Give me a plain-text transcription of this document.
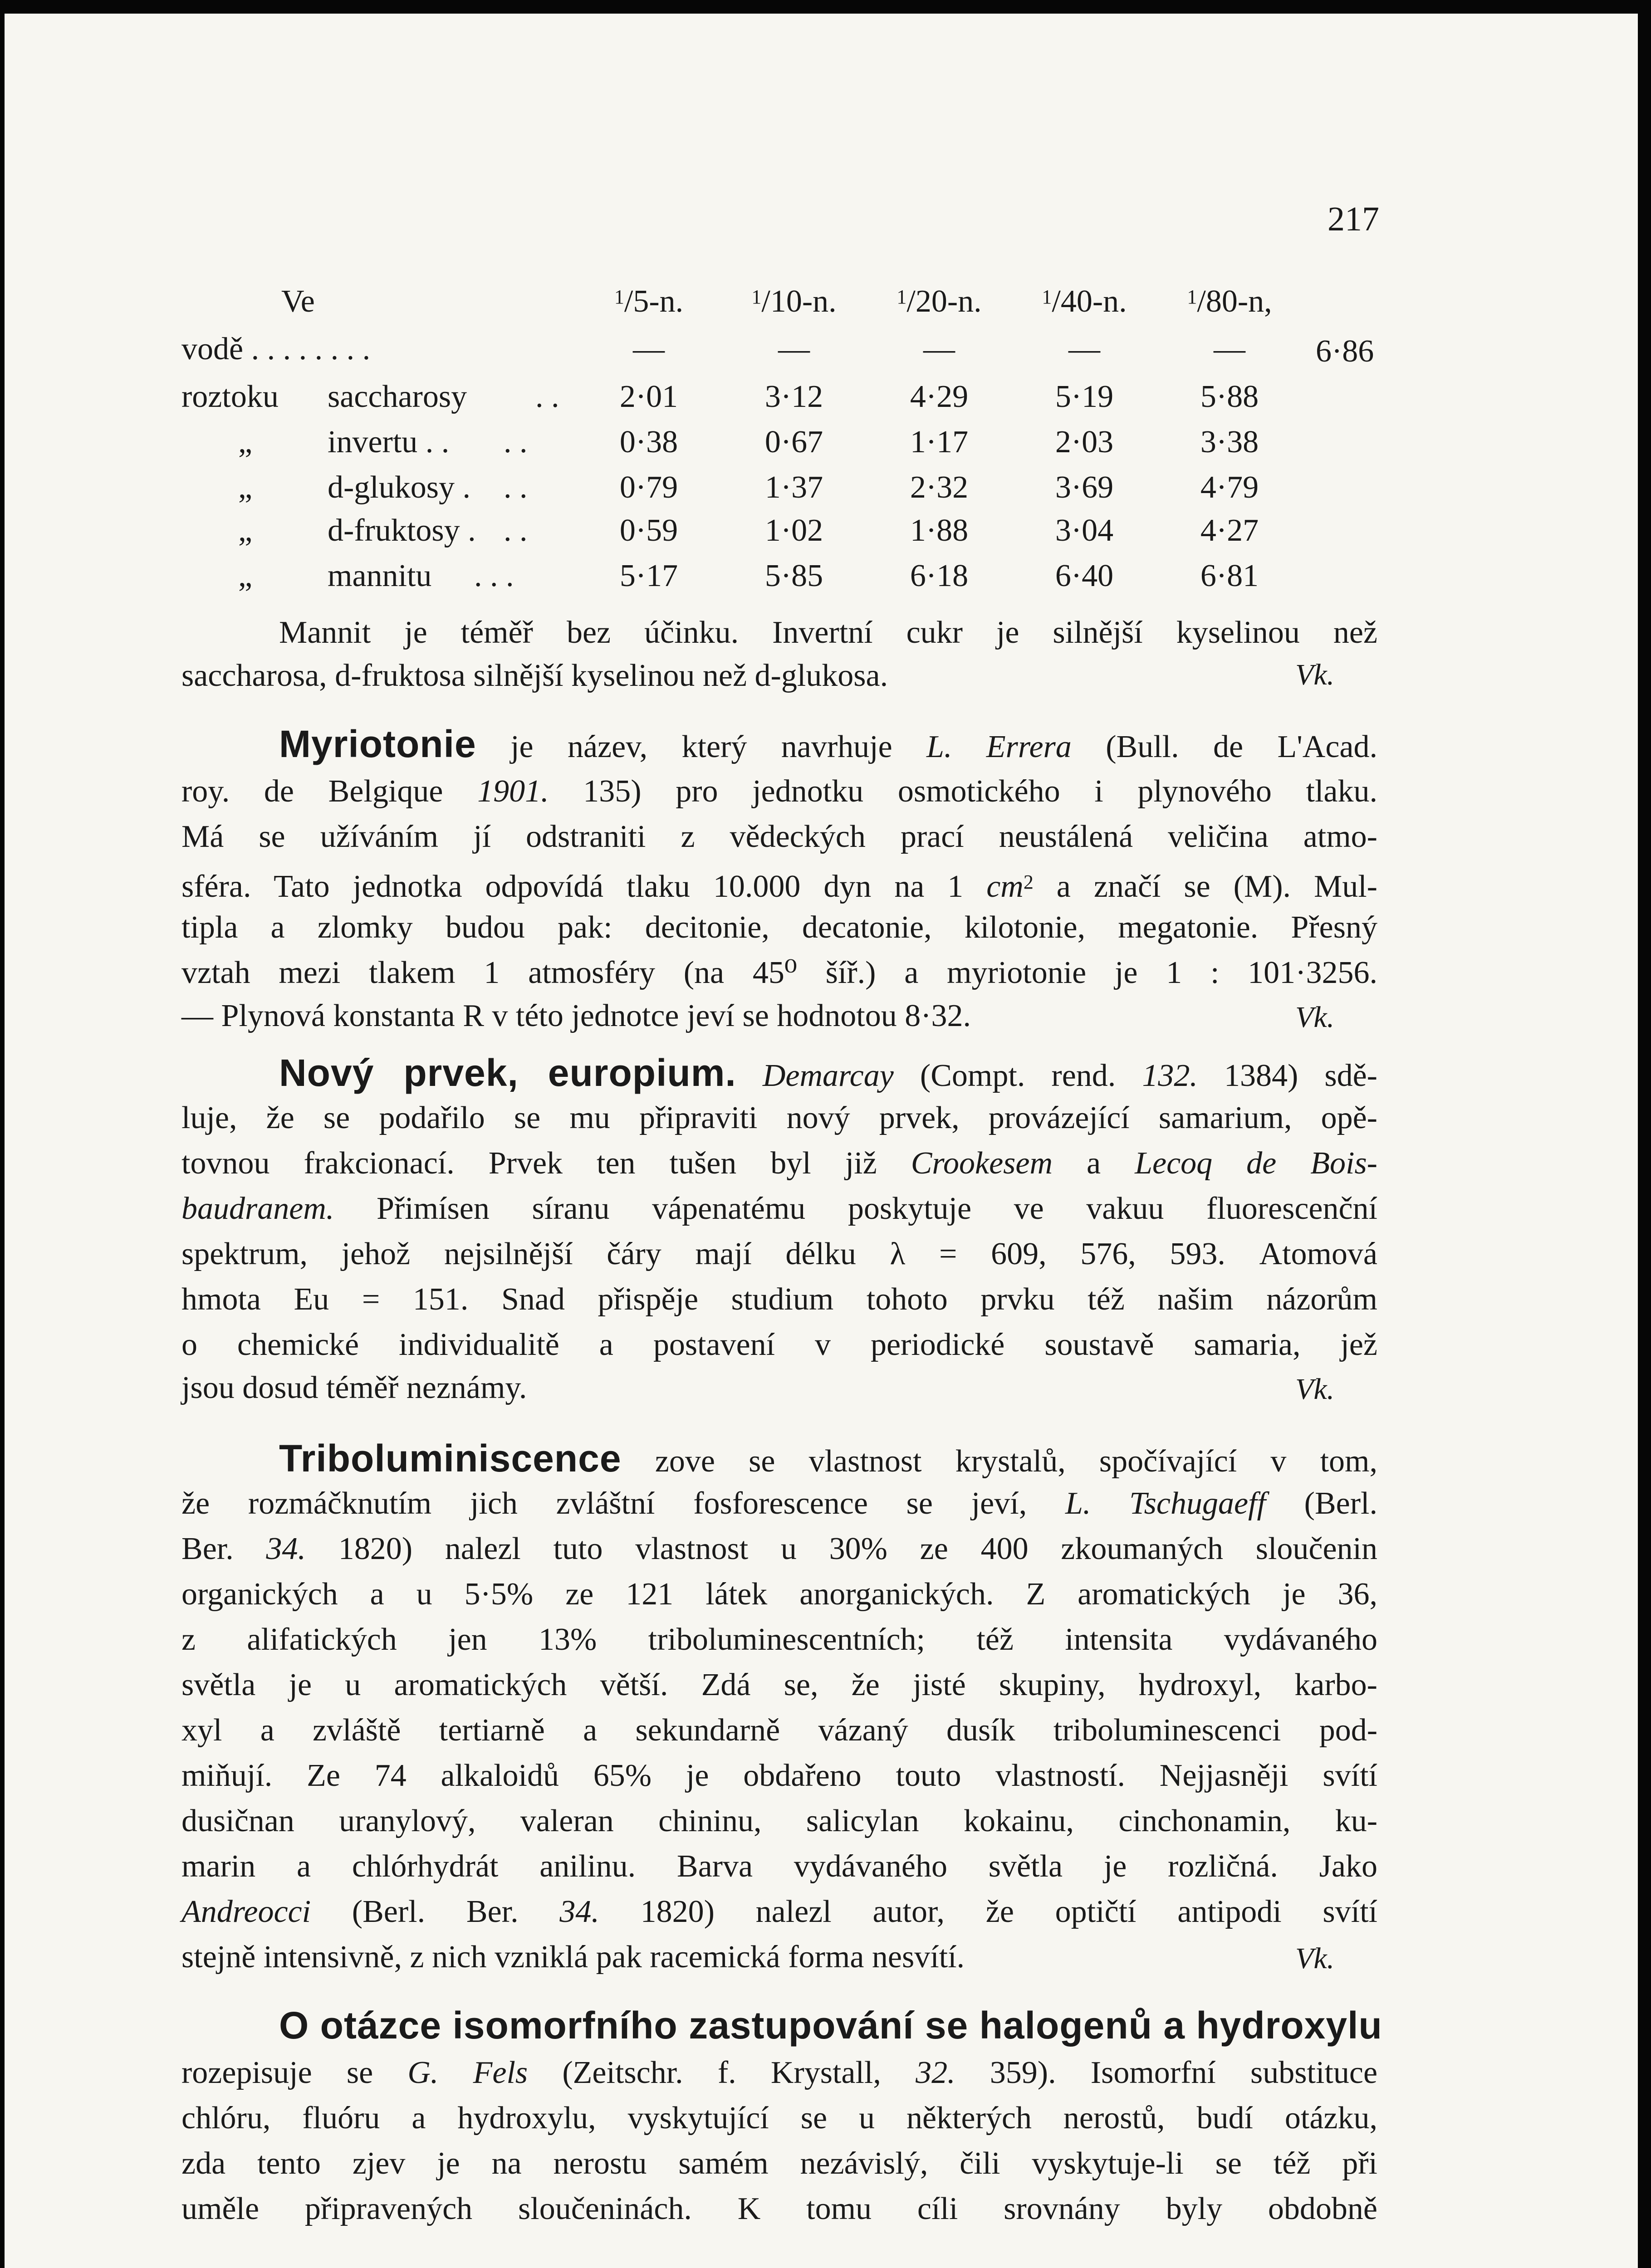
217
Ve	$^1$/5-n.	$^1$/10-n.	$^1$/20-n.	$^1$/40-n.	$^1$/80-n,
vodě . . . . . . . .	—	—	—	—	—	6·86
roztoku saccharosy . .	2·01	3·12	4·29	5·19	5·88
„ invertu . . . .	0·38	0·67	1·17	2·03	3·38
„ d-glukosy . . .	0·79	1·37	2·32	3·69	4·79
„ d-fruktosy . . .	0·59	1·02	1·88	3·04	4·27
„ mannitu . . .	5·17	5·85	6·18	6·40	6·81
Mannit je téměř bez účinku. Invertní cukr je silnější kyselinou než
saccharosa, d-fruktosa silnější kyselinou než d-glukosa.	Vk.
Myriotonie je název, který navrhuje L. Errera (Bull. de L'Acad.
roy. de Belgique 1901. 135) pro jednotku osmotického i plynového tlaku.
Má se užíváním jí odstraniti z vědeckých prací neustálená veličina atmo-
sféra. Tato jednotka odpovídá tlaku 10.000 dyn na 1 $cm^2$ a značí se (M). Mul-
tipla a zlomky budou pak: decitonie, decatonie, kilotonie, megatonie. Přesný
vztah mezi tlakem 1 atmosféry (na 45⁰ šíř.) a myriotonie je 1 : 101·3256.
— Plynová konstanta R v této jednotce jeví se hodnotou 8·32.	Vk.
Nový prvek, europium. Demarcay (Compt. rend. 132. 1384) sdě-
luje, že se podařilo se mu připraviti nový prvek, provázející samarium, opě-
tovnou frakcionací. Prvek ten tušen byl již Crookesem a Lecoq de Bois-
baudranem. Přimísen síranu vápenatému poskytuje ve vakuu fluorescenční
spektrum, jehož nejsilnější čáry mají délku λ = 609, 576, 593. Atomová
hmota Eu = 151. Snad přispěje studium tohoto prvku též našim názorům
o chemické individualitě a postavení v periodické soustavě samaria, jež
jsou dosud téměř neznámy.	Vk.
Triboluminiscence zove se vlastnost krystalů, spočívající v tom,
že rozmáčknutím jich zvláštní fosforescence se jeví, L. Tschugaeff (Berl.
Ber. 34. 1820) nalezl tuto vlastnost u 30% ze 400 zkoumaných sloučenin
organických a u 5·5% ze 121 látek anorganických. Z aromatických je 36,
z alifatických jen 13% triboluminescentních; též intensita vydávaného
světla je u aromatických větší. Zdá se, že jisté skupiny, hydroxyl, karbo-
xyl a zvláště tertiarně a sekundarně vázaný dusík triboluminescenci pod-
miňují. Ze 74 alkaloidů 65% je obdařeno touto vlastností. Nejjasněji svítí
dusičnan uranylový, valeran chininu, salicylan kokainu, cinchonamin, ku-
marin a chlórhydrát anilinu. Barva vydávaného světla je rozličná. Jako
Andreocci (Berl. Ber. 34. 1820) nalezl autor, že optičtí antipodi svítí
stejně intensivně, z nich vzniklá pak racemická forma nesvítí.	Vk.
O otázce isomorfního zastupování se halogenů a hydroxylu
rozepisuje se G. Fels (Zeitschr. f. Krystall, 32. 359). Isomorfní substituce
chlóru, fluóru a hydroxylu, vyskytující se u některých nerostů, budí otázku,
zda tento zjev je na nerostu samém nezávislý, čili vyskytuje-li se též při
uměle připravených sloučeninách. K tomu cíli srovnány byly obdobně
